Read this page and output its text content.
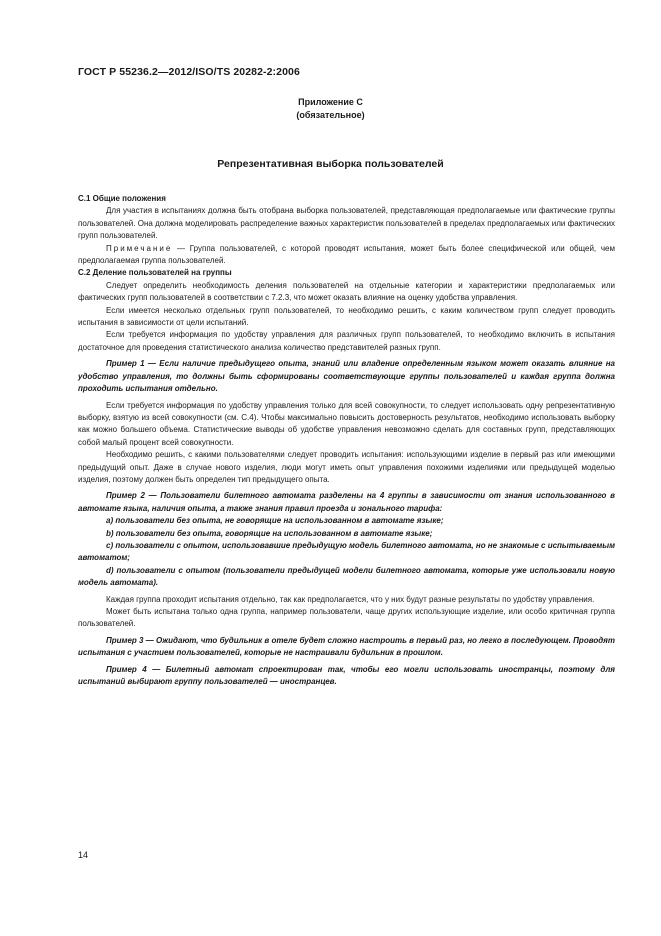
ГОСТ Р 55236.2—2012/ISO/TS 20282-2:2006
Приложение С
(обязательное)
Репрезентативная выборка пользователей

С.1 Общие положения

Для участия в испытаниях должна быть отобрана выборка пользователей, представляющая предполагаемые или фактические группы пользователей. Она должна моделировать распределение важных характеристик пользователей в пределах предполагаемых или фактических групп пользователей.

Примечание — Группа пользователей, с которой проводят испытания, может быть более специфической или общей, чем предполагаемая группа пользователей.

С.2 Деление пользователей на группы

Следует определить необходимость деления пользователей на отдельные категории и характеристики предполагаемых или фактических групп пользователей в соответствии с 7.2.3, что может оказать влияние на оценку удобства управления.

Если имеется несколько отдельных групп пользователей, то необходимо решить, с каким количеством групп следует проводить испытания в зависимости от цели испытаний.

Если требуется информация по удобству управления для различных групп пользователей, то необходимо включить в испытания достаточное для проведения статистического анализа количество представителей разных групп.

Пример 1 — Если наличие предыдущего опыта, знаний или владение определенным языком может оказать влияние на удобство управления, то должны быть сформированы соответствующие группы пользователей и каждая группа должна проходить испытания отдельно.

Если требуется информация по удобству управления только для всей совокупности, то следует использовать одну репрезентативную выборку, взятую из всей совокупности (см. С.4). Чтобы максимально повысить достоверность результатов, необходимо использовать выборку как можно большего объема. Статистические выводы об удобстве управления невозможно сделать для составных групп, представляющих собой малый процент всей совокупности.

Необходимо решить, с какими пользователями следует проводить испытания: использующими изделие в первый раз или имеющими предыдущий опыт. Даже в случае нового изделия, люди могут иметь опыт управления похожими изделиями или предыдущей моделью изделия, поэтому должен быть определен тип предыдущего опыта.

Пример 2 — Пользователи билетного автомата разделены на 4 группы в зависимости от знания использованного в автомате языка, наличия опыта, а также знания правил проезда и зонального тарифа:

a) пользователи без опыта, не говорящие на использованном в автомате языке;

b) пользователи без опыта, говорящие на использованном в автомате языке;

c) пользователи с опытом, использовавшие предыдущую модель билетного автомата, но не знакомые с испытываемым автоматом;

d) пользователи с опытом (пользователи предыдущей модели билетного автомата, которые уже использовали новую модель автомата).

Каждая группа проходит испытания отдельно, так как предполагается, что у них будут разные результаты по удобству управления.

Может быть испытана только одна группа, например пользователи, чаще других использующие изделие, или особо критичная группа пользователей.

Пример 3 — Ожидают, что будильник в отеле будет сложно настроить в первый раз, но легко в последующем. Проводят испытания с участием пользователей, которые не настраивали будильник в прошлом.

Пример 4 — Билетный автомат спроектирован так, чтобы его могли использовать иностранцы, поэтому для испытаний выбирают группу пользователей — иностранцев.

14
